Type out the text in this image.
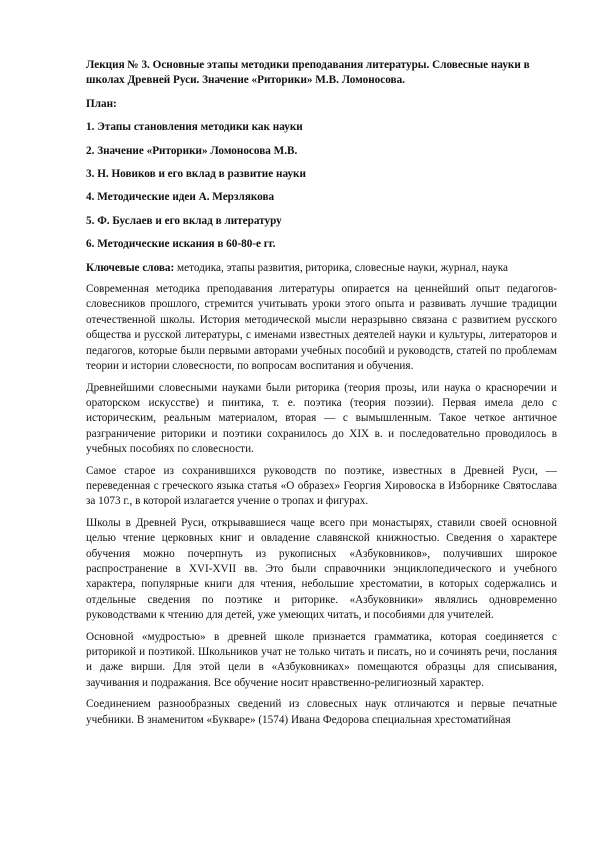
Лекция № 3. Основные этапы методики преподавания литературы. Словесные науки в школах Древней Руси. Значение «Риторики» М.В. Ломоносова.

План:

1. Этапы становления методики как науки

2. Значение «Риторики» Ломоносова М.В.

3. Н. Новиков и его вклад в развитие науки

4. Методические идеи А. Мерзлякова

5. Ф. Буслаев и его вклад в литературу

6. Методические искания в 60-80-е гг.

Ключевые слова: методика, этапы развития, риторика, словесные науки, журнал, наука

Современная методика преподавания литературы опирается на ценнейший опыт педагогов-словесников прошлого, стремится учитывать уроки этого опыта и развивать лучшие традиции отечественной школы. История методической мысли неразрывно связана с развитием русского общества и русской литературы, с именами известных деятелей науки и культуры, литераторов и педагогов, которые были первыми авторами учебных пособий и руководств, статей по проблемам теории и истории словесности, по вопросам воспитания и обучения.

Древнейшими словесными науками были риторика (теория прозы, или наука о красноречии и ораторском искусстве) и пиитика, т. е. поэтика (теория поэзии). Первая имела дело с историческим, реальным материалом, вторая — с вымышленным. Такое четкое античное разграничение риторики и поэтики сохранилось до XIX в. и последовательно проводилось в учебных пособиях по словесности.

Самое старое из сохранившихся руководств по поэтике, известных в Древней Руси, — переведенная с греческого языка статья «О образех» Георгия Хировоска в Изборнике Святослава за 1073 г., в которой излагается учение о тропах и фигурах.

Школы в Древней Руси, открывавшиеся чаще всего при монастырях, ставили своей основной целью чтение церковных книг и овладение славянской книжностью. Сведения о характере обучения можно почерпнуть из рукописных «Азбуковников», получивших широкое распространение в XVI-XVII вв. Это были справочники энциклопедического и учебного характера, популярные книги для чтения, небольшие хрестоматии, в которых содержались и отдельные сведения по поэтике и риторике. «Азбуковники» являлись одновременно руководствами к чтению для детей, уже умеющих читать, и пособиями для учителей.

Основной «мудростью» в древней школе признается грамматика, которая соединяется с риторикой и поэтикой. Школьников учат не только читать и писать, но и сочинять речи, послания и даже вирши. Для этой цели в «Азбуковниках» помещаются образцы для списывания, заучивания и подражания. Все обучение носит нравственно-религиозный характер.

Соединением разнообразных сведений из словесных наук отличаются и первые печатные учебники. В знаменитом «Букваре» (1574) Ивана Федорова специальная хрестоматийная
